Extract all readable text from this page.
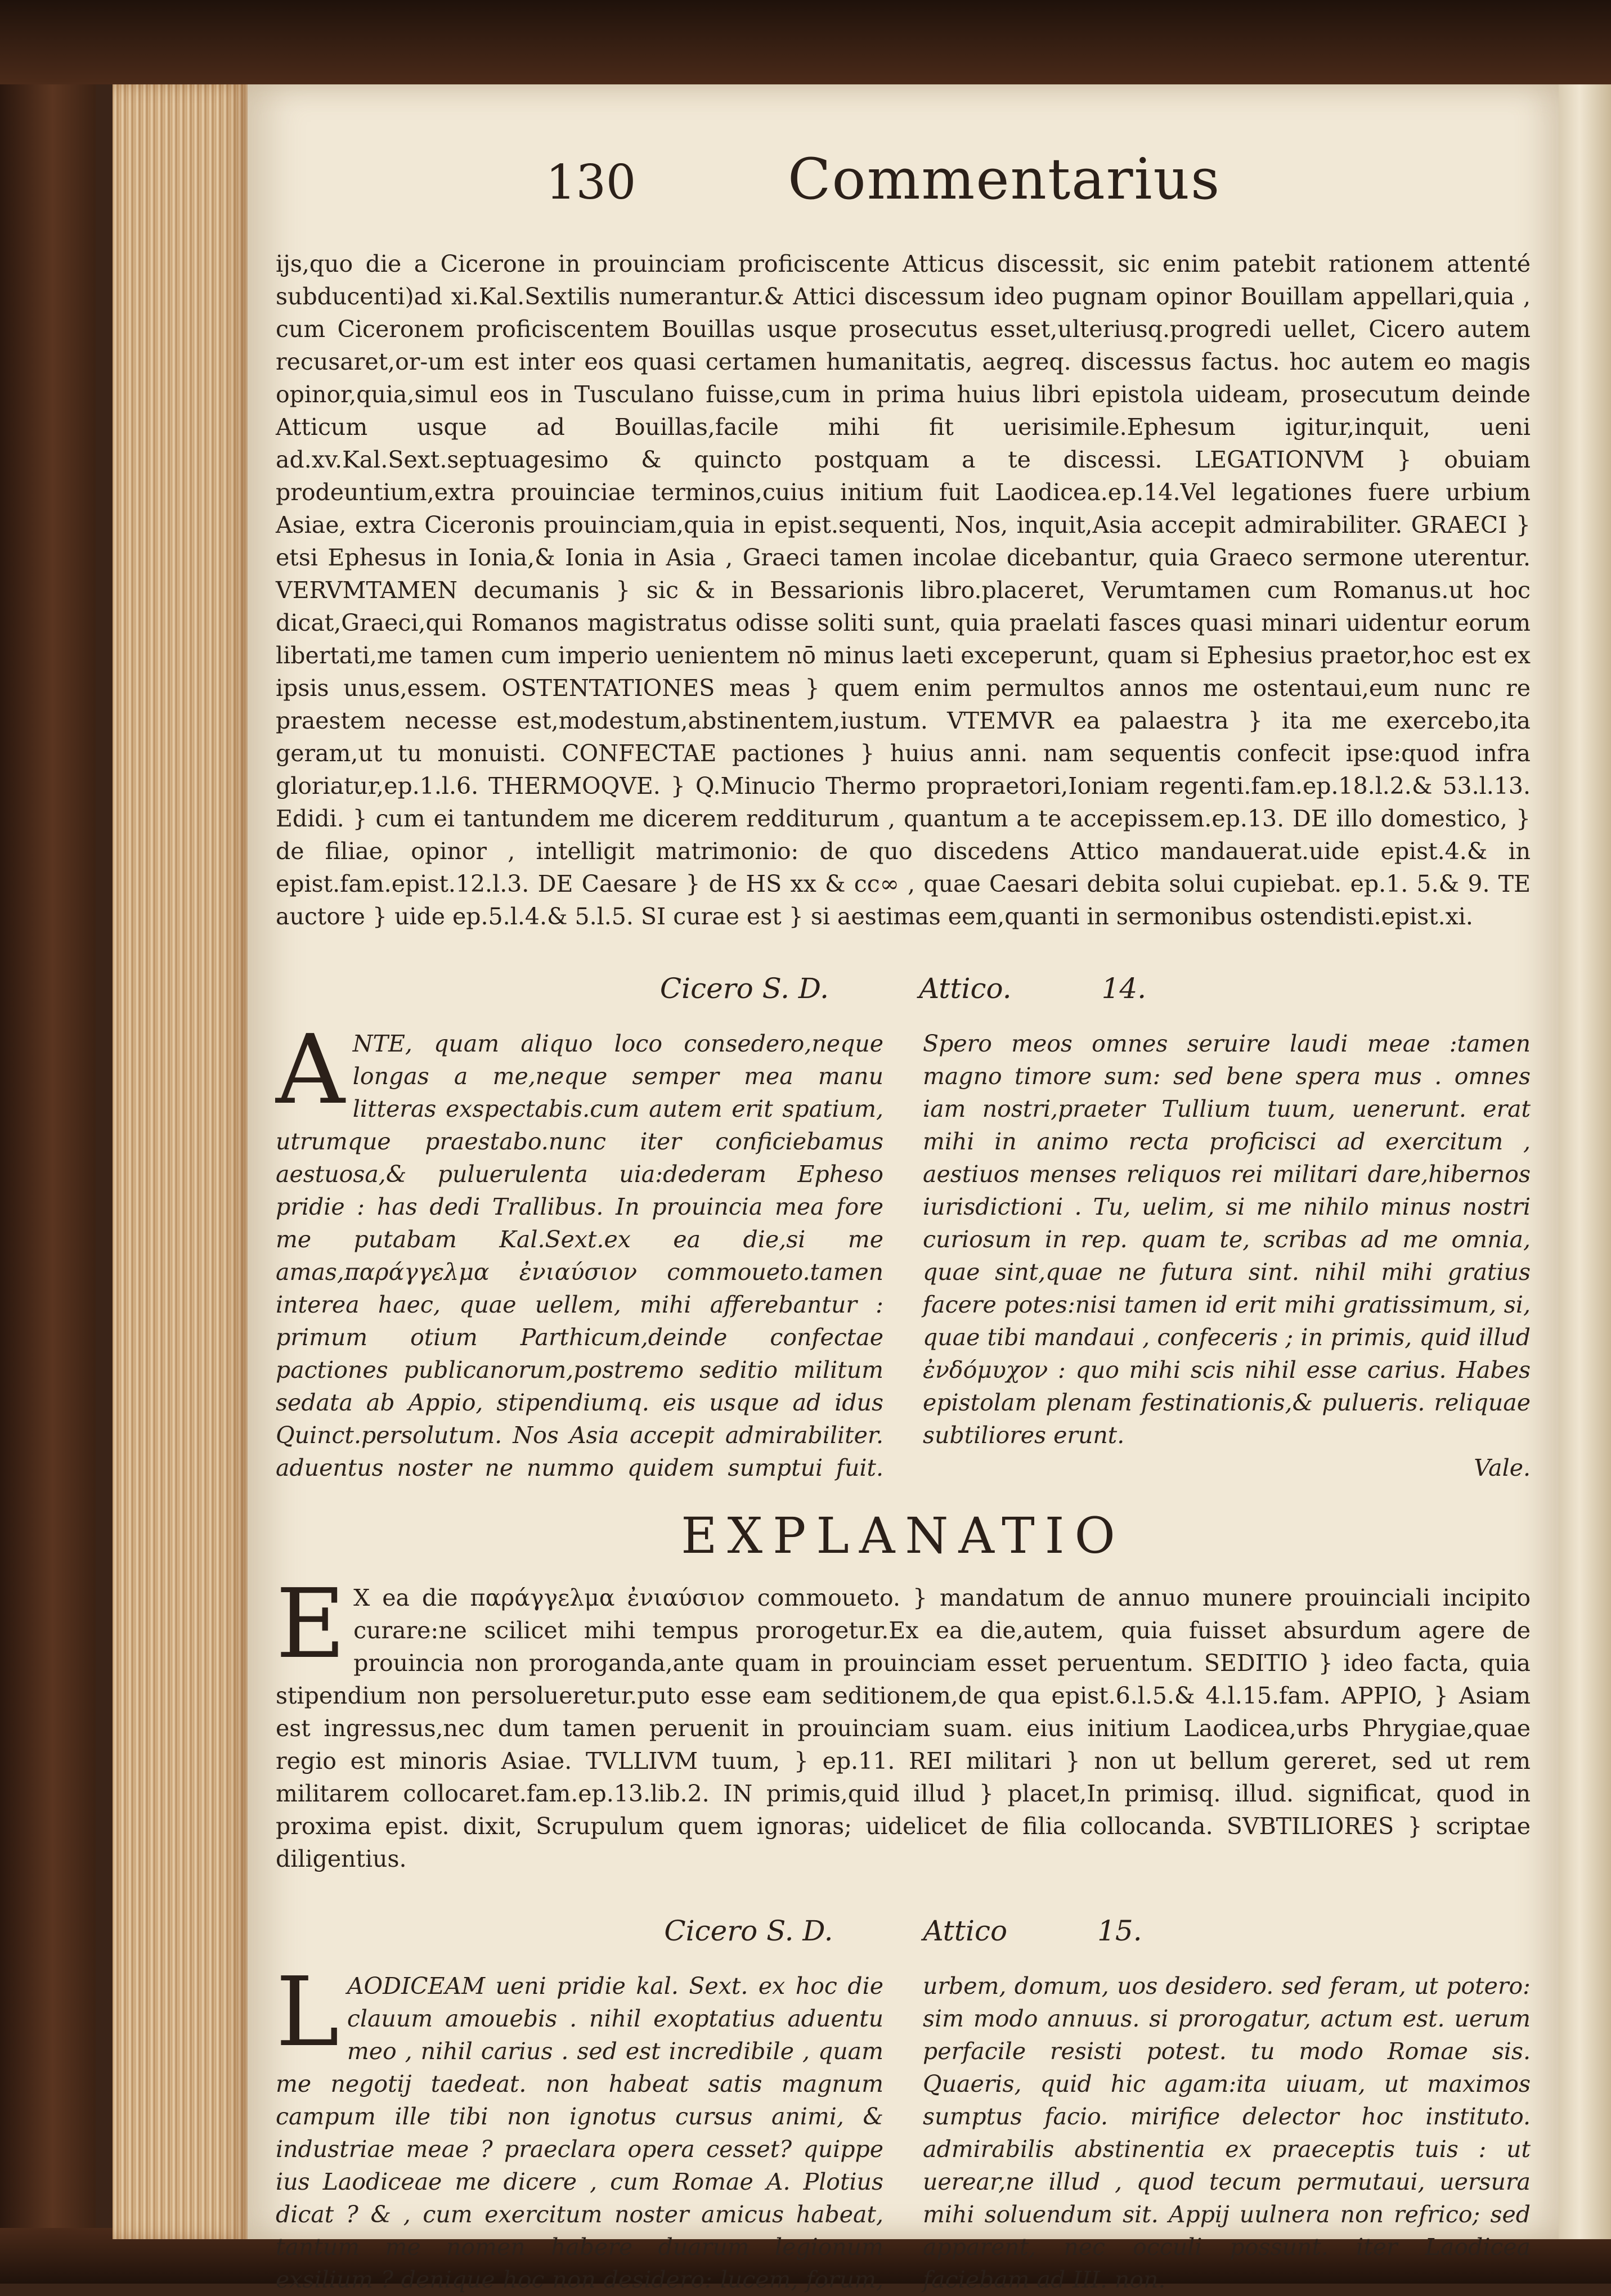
130	Commentarius

ijs,quo die a Cicerone in prouinciam proficiscente Atticus discessit, sic enim patebit rationem attenté subducenti)ad xi.Kal.Sextilis numerantur.& Attici discessum ideo pugnam opinor Bouillam appellari,quia , cum Ciceronem proficiscentem Bouillas usque prosecutus esset,ulteriusq.progredi uellet, Cicero autem recusaret,or-um est inter eos quasi certamen humanitatis, aegreq. discessus factus. hoc autem eo magis opinor,quia,simul eos in Tusculano fuisse,cum in prima huius libri epistola uideam, prosecutum deinde Atticum usque ad Bouillas,facile mihi fit uerisimile.Ephesum igitur,inquit, ueni ad.xv.Kal.Sext.septuagesimo & quincto postquam a te discessi. LEGATIONVM } obuiam prodeuntium,extra prouinciae terminos,cuius initium fuit Laodicea.ep.14.Vel legationes fuere urbium Asiae, extra Ciceronis prouinciam,quia in epist.sequenti, Nos, inquit,Asia accepit admirabiliter. GRAECI } etsi Ephesus in Ionia,& Ionia in Asia , Graeci tamen incolae dicebantur, quia Graeco sermone uterentur. VERVMTAMEN decumanis } sic & in Bessarionis libro.placeret, Verumtamen cum Romanus.ut hoc dicat,Graeci,qui Romanos magistratus odisse soliti sunt, quia praelati fasces quasi minari uidentur eorum libertati,me tamen cum imperio uenientem nō minus laeti exceperunt, quam si Ephesius praetor,hoc est ex ipsis unus,essem. OSTENTATIONES meas } quem enim permultos annos me ostentaui,eum nunc re praestem necesse est,modestum,abstinentem,iustum. VTEMVR ea palaestra } ita me exercebo,ita geram,ut tu monuisti. CONFECTAE pactiones } huius anni. nam sequentis confecit ipse:quod infra gloriatur,ep.1.l.6. THERMOQVE. } Q.Minucio Thermo propraetori,Ioniam regenti.fam.ep.18.l.2.& 53.l.13. Edidi. } cum ei tantundem me dicerem redditurum , quantum a te accepissem.ep.13. DE illo domestico, } de filiae, opinor , intelligit matrimonio: de quo discedens Attico mandauerat.uide epist.4.& in epist.fam.epist.12.l.3. DE Caesare } de HS xx & cc∞ , quae Caesari debita solui cupiebat. ep.1. 5.& 9. TE auctore } uide ep.5.l.4.& 5.l.5. SI curae est } si aestimas eem,quanti in sermonibus ostendisti.epist.xi.

Cicero S. D.	Attico.	14.
A NTE, quam aliquo loco consedero,neque longas a me,neque semper mea manu litteras exspectabis.cum autem erit spatium, utrumque praestabo.nunc iter conficiebamus aestuosa,& puluerulenta uia:dederam Epheso pridie : has dedi Trallibus. In prouincia mea fore me putabam Kal.Sext.ex ea die,si me amas,παράγγελμα ἐνιαύσιον commoueto.tamen interea haec, quae uellem, mihi afferebantur : primum otium Parthicum,deinde confectae pactiones publicanorum,postremo seditio militum sedata ab Appio, stipendiumq. eis usque ad idus Quinct.persolutum. Nos Asia accepit admirabiliter. aduentus noster ne nummo quidem sumptui fuit. Spero meos omnes seruire laudi meae :tamen magno timore sum: sed bene spera mus . omnes iam nostri,praeter Tullium tuum, uenerunt. erat mihi in animo recta proficisci ad exercitum , aestiuos menses reliquos rei militari dare,hibernos iurisdictioni . Tu, uelim, si me nihilo minus nostri curiosum in rep. quam te, scribas ad me omnia, quae sint,quae ne futura sint. nihil mihi gratius facere potes:nisi tamen id erit mihi gratissimum, si, quae tibi mandaui , confeceris ; in primis, quid illud ἐνδόμυχον : quo mihi scis nihil esse carius. Habes epistolam plenam festinationis,& pulueris. reliquae subtiliores erunt.
Vale.
EXPLANATIO

E X ea die παράγγελμα ἐνιαύσιον commoueto. } mandatum de annuo munere prouinciali incipito curare:ne scilicet mihi tempus prorogetur.Ex ea die,autem, quia fuisset absurdum agere de prouincia non proroganda,ante quam in prouinciam esset peruentum. SEDITIO } ideo facta, quia stipendium non persolueretur.puto esse eam seditionem,de qua epist.6.l.5.& 4.l.15.fam. APPIO, } Asiam est ingressus,nec dum tamen peruenit in prouinciam suam. eius initium Laodicea,urbs Phrygiae,quae regio est minoris Asiae. TVLLIVM tuum, } ep.11. REI militari } non ut bellum gereret, sed ut rem militarem collocaret.fam.ep.13.lib.2. IN primis,quid illud } placet,In primisq. illud. significat, quod in proxima epist. dixit, Scrupulum quem ignoras; uidelicet de filia collocanda. SVBTILIORES } scriptae diligentius.

Cicero S. D.	Attico	15.
L AODICEAM ueni pridie kal. Sext. ex hoc die clauum amouebis . nihil exoptatius aduentu meo , nihil carius . sed est incredibile , quam me negotij taedeat. non habeat satis magnum campum ille tibi non ignotus cursus animi, & industriae meae ? praeclara opera cesset? quippe ius Laodiceae me dicere , cum Romae A. Plotius dicat ? & , cum exercitum noster amicus habeat, tantum me nomen habere duarum legionum exsilium ? denique hoc non desidero: lucem, forum, urbem, domum, uos desidero. sed feram, ut potero: sim modo annuus. si prorogatur, actum est. uerum perfacile resisti potest. tu modo Romae sis. Quaeris, quid hic agam:ita uiuam, ut maximos sumptus facio. mirifice delector hoc instituto. admirabilis abstinentia ex praeceptis tuis : ut uerear,ne illud , quod tecum permutaui, uersura mihi soluendum sit. Appij uulnera non refrico; sed apparent, nec occuli possunt. iter Laodicea faciebam ad III. non.
